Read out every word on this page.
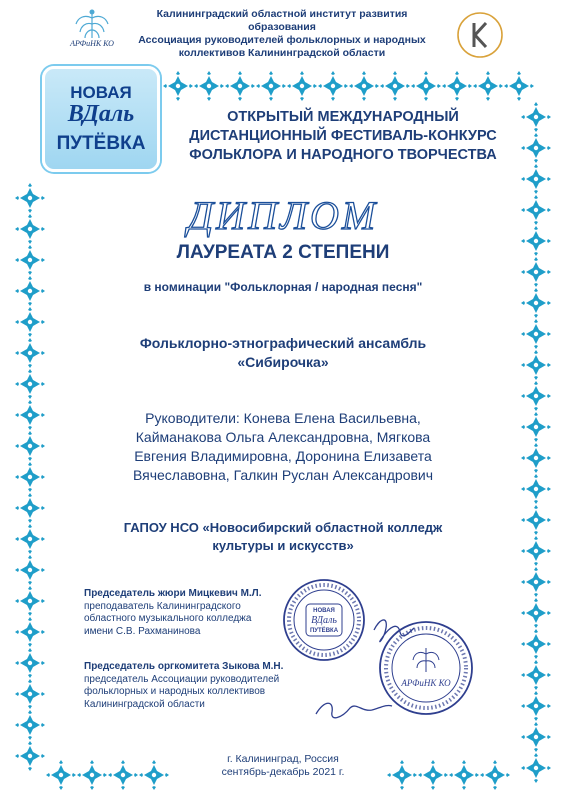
АРФиНК КО
Калининградский областной институт развития образования
Ассоциация руководителей фольклорных и народных
коллективов Калининградской области
НОВАЯ
ВДаль
ПУТЁВКА
ОТКРЫТЫЙ МЕЖДУНАРОДНЫЙ
ДИСТАНЦИОННЫЙ ФЕСТИВАЛЬ-КОНКУРС
ФОЛЬКЛОРА И НАРОДНОГО ТВОРЧЕСТВА
ДИПЛОМ
ЛАУРЕАТА 2 СТЕПЕНИ
в номинации "Фольклорная / народная песня"
Фольклорно-этнографический ансамбль
«Сибирочка»
Руководители: Конева Елена Васильевна,
Кайманакова Ольга Александровна, Мягкова
Евгения Владимировна, Доронина Елизавета
Вячеславовна, Галкин Руслан Александрович
ГАПОУ НСО «Новосибирский областной колледж
культуры и искусств»
Председатель жюри Мицкевич М.Л.
преподаватель Калининградского
областного музыкального колледжа
имени С.В. Рахманинова
Председатель оргкомитета Зыкова М.Н.
председатель Ассоциации руководителей
фольклорных и народных коллективов
Калининградской области
НОВАЯ
ВДаль
ПУТЁВКА
АРФиНК КО
г. Калининград, Россия
сентябрь-декабрь 2021 г.
